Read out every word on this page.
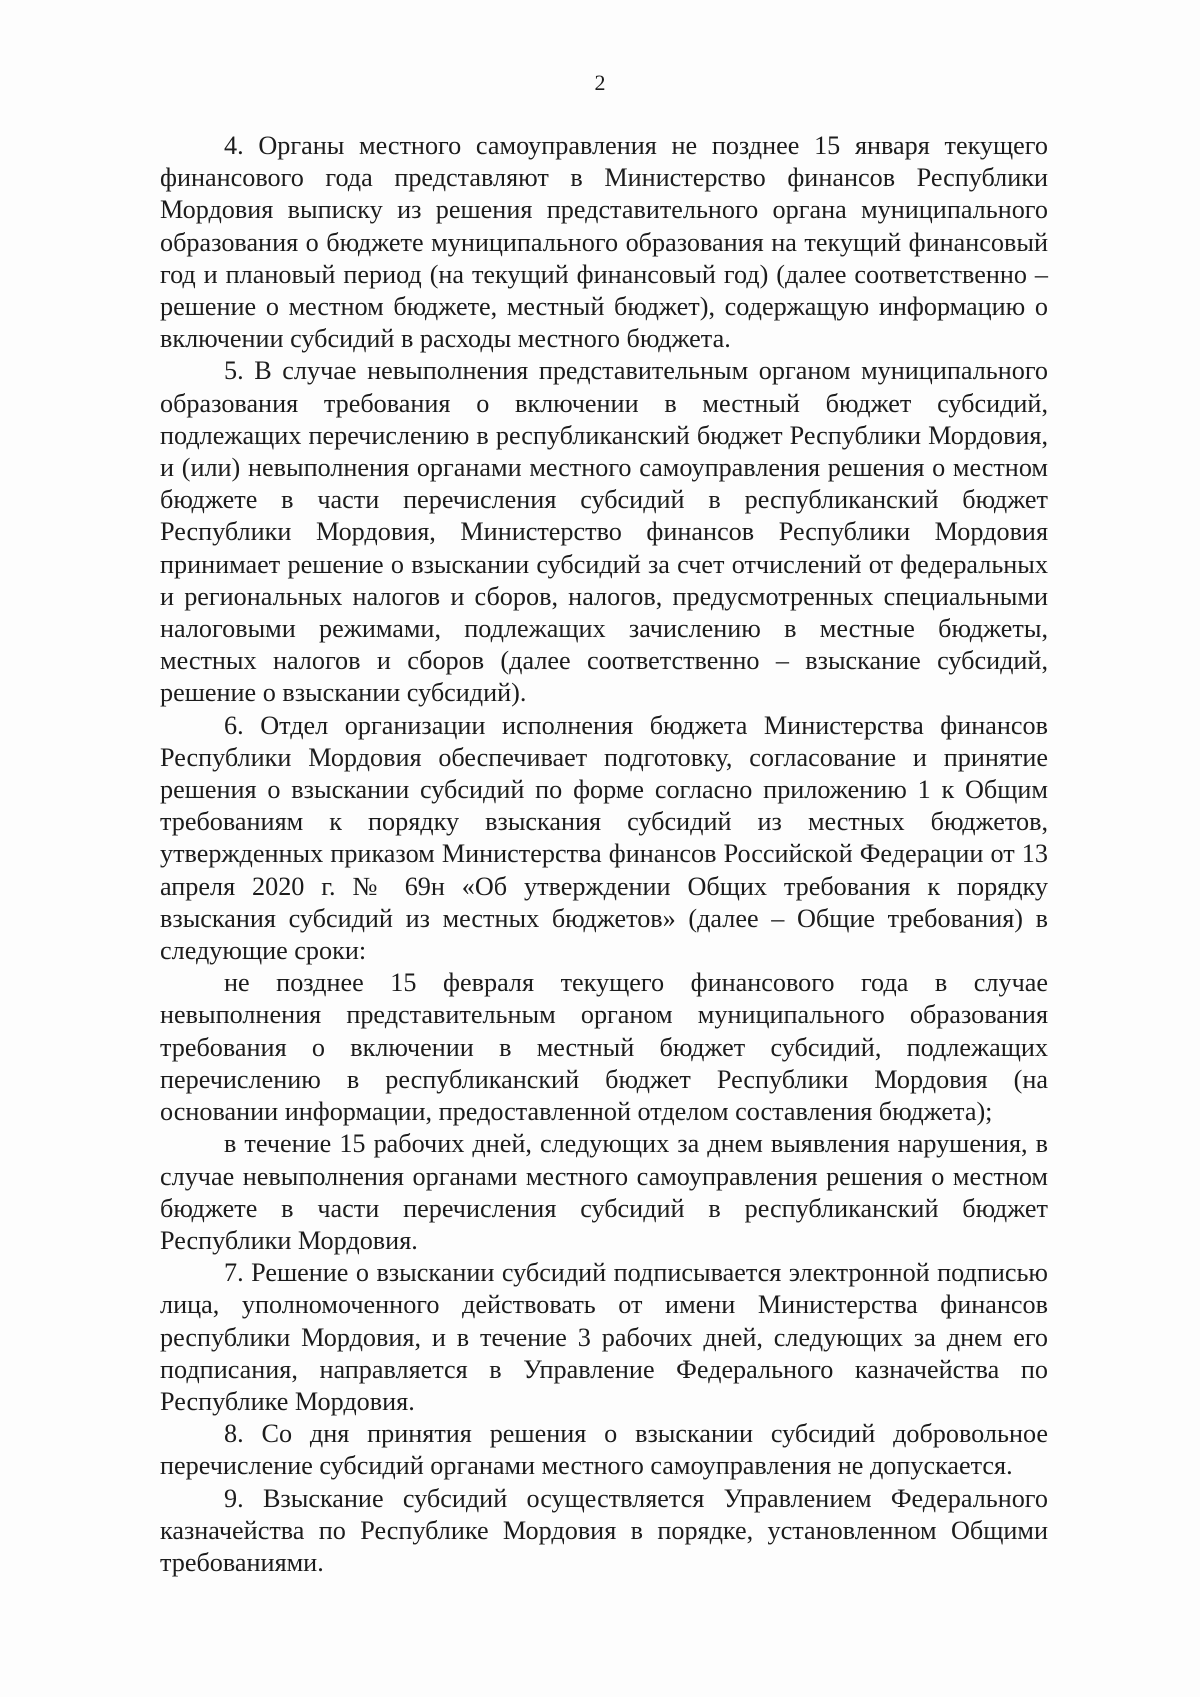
2

4. Органы местного самоуправления не позднее 15 января текущего финансового года представляют в Министерство финансов Республики Мордовия выписку из решения представительного органа муниципального образования о бюджете муниципального образования на текущий финансовый год и плановый период (на текущий финансовый год) (далее соответственно – решение о местном бюджете, местный бюджет), содержащую информацию о включении субсидий в расходы местного бюджета.

5. В случае невыполнения представительным органом муниципального образования требования о включении в местный бюджет субсидий, подлежащих перечислению в республиканский бюджет Республики Мордовия, и (или) невыполнения органами местного самоуправления решения о местном бюджете в части перечисления субсидий в республиканский бюджет Республики Мордовия, Министерство финансов Республики Мордовия принимает решение о взыскании субсидий за счет отчислений от федеральных и региональных налогов и сборов, налогов, предусмотренных специальными налоговыми режимами, подлежащих зачислению в местные бюджеты, местных налогов и сборов (далее соответственно – взыскание субсидий, решение о взыскании субсидий).

6. Отдел организации исполнения бюджета Министерства финансов Республики Мордовия обеспечивает подготовку, согласование и принятие решения о взыскании субсидий по форме согласно приложению 1 к Общим требованиям к порядку взыскания субсидий из местных бюджетов, утвержденных приказом Министерства финансов Российской Федерации от 13 апреля 2020 г. № 69н «Об утверждении Общих требования к порядку взыскания субсидий из местных бюджетов» (далее – Общие требования) в следующие сроки:

не позднее 15 февраля текущего финансового года в случае невыполнения представительным органом муниципального образования требования о включении в местный бюджет субсидий, подлежащих перечислению в республиканский бюджет Республики Мордовия (на основании информации, предоставленной отделом составления бюджета);

в течение 15 рабочих дней, следующих за днем выявления нарушения, в случае невыполнения органами местного самоуправления решения о местном бюджете в части перечисления субсидий в республиканский бюджет Республики Мордовия.

7. Решение о взыскании субсидий подписывается электронной подписью лица, уполномоченного действовать от имени Министерства финансов республики Мордовия, и в течение 3 рабочих дней, следующих за днем его подписания, направляется в Управление Федерального казначейства по Республике Мордовия.

8. Со дня принятия решения о взыскании субсидий добровольное перечисление субсидий органами местного самоуправления не допускается.

9. Взыскание субсидий осуществляется Управлением Федерального казначейства по Республике Мордовия в порядке, установленном Общими требованиями.
